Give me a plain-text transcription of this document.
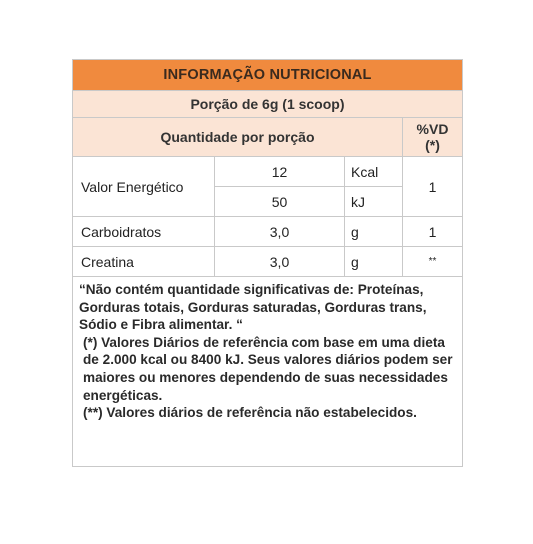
INFORMAÇÃO NUTRICIONAL			
Porção de 6g (1 scoop)			
Quantidade por porção			%VD
(*)
Valor Energético	12	Kcal	1
	50	kJ	
Carboidratos	3,0	g	1
Creatina	3,0	g	**

“Não contém quantidade significativas de: Proteínas, Gorduras totais, Gorduras saturadas, Gorduras trans, Sódio e Fibra alimentar. “

(*) Valores Diários de referência com base em uma dieta de 2.000 kcal ou 8400 kJ. Seus valores diários podem ser maiores ou menores dependendo de suas necessidades energéticas.

(**) Valores diários de referência não estabelecidos.			
